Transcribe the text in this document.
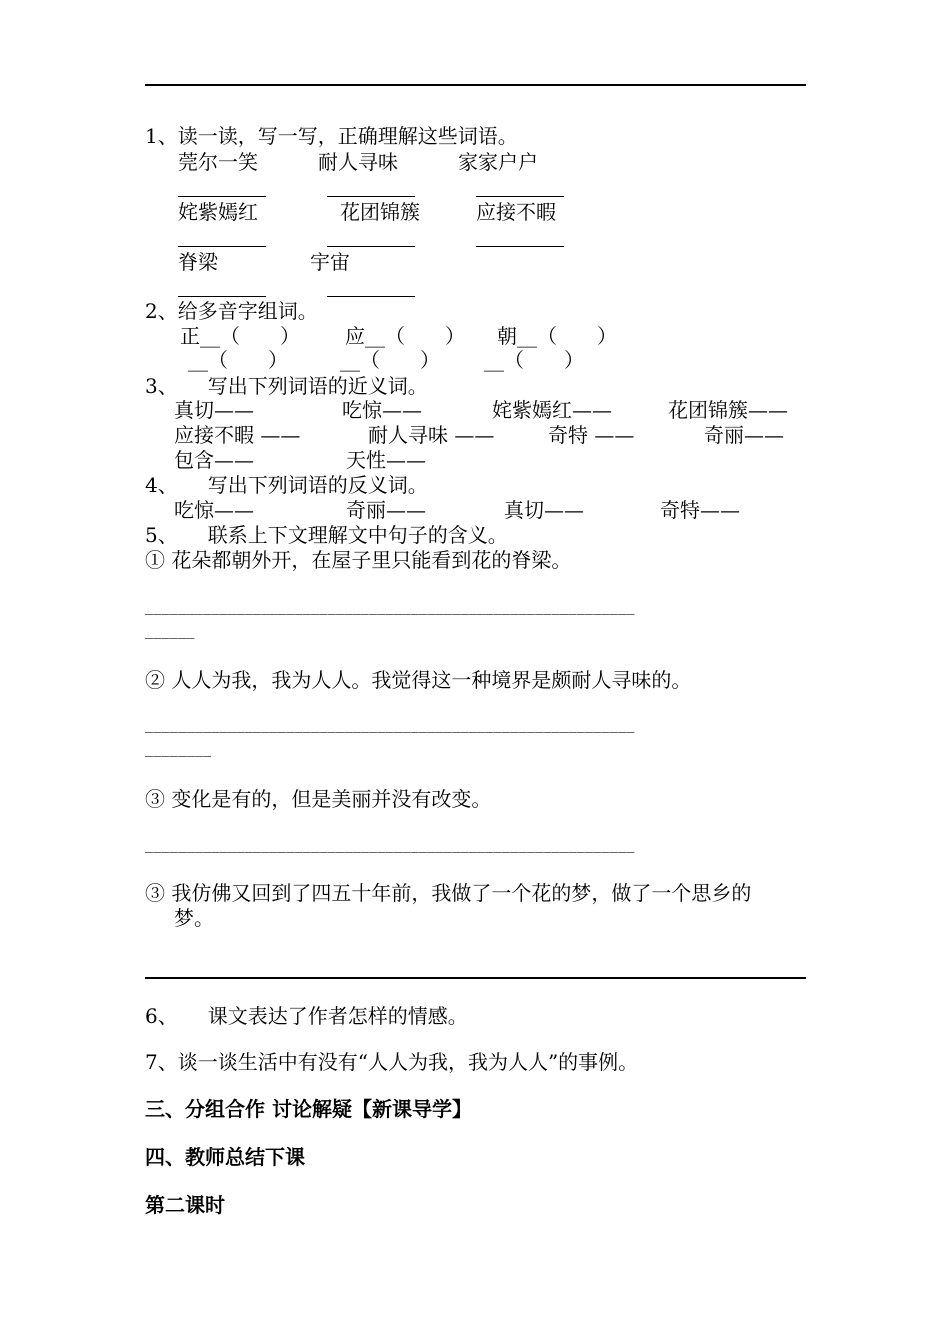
1、读一读，写一写，正确理解这些词语。
莞尔一笑	耐人寻味	家家户户
姹紫嫣红	花团锦簇	应接不暇
脊梁	宇宙
2、给多音字组词。
正__（　　） 应__（　　） 朝__（　　）
__（　　）	__（　　） __（　　）
3、　　写出下列词语的近义词。
真切——	吃惊——	姹紫嫣红——	花团锦簇——
应接不暇 ——	耐人寻味 ——	奇特 ——	奇丽——
包含——	天性——
4、　　写出下列词语的反义词。
吃惊——	奇丽——	真切——	奇特——
5、　　联系上下文理解文中句子的含义。
① 花朵都朝外开，在屋子里只能看到花的脊梁。
___________________________________________________________
______
② 人人为我，我为人人。我觉得这一种境界是颇耐人寻味的。
___________________________________________________________
________
③ 变化是有的，但是美丽并没有改变。
___________________________________________________________
③ 我仿佛又回到了四五十年前，我做了一个花的梦，做了一个思乡的
梦。
6、　　课文表达了作者怎样的情感。
7、谈一谈生活中有没有“人人为我，我为人人”的事例。
三、分组合作 讨论解疑【新课导学】
四、教师总结下课
第二课时
